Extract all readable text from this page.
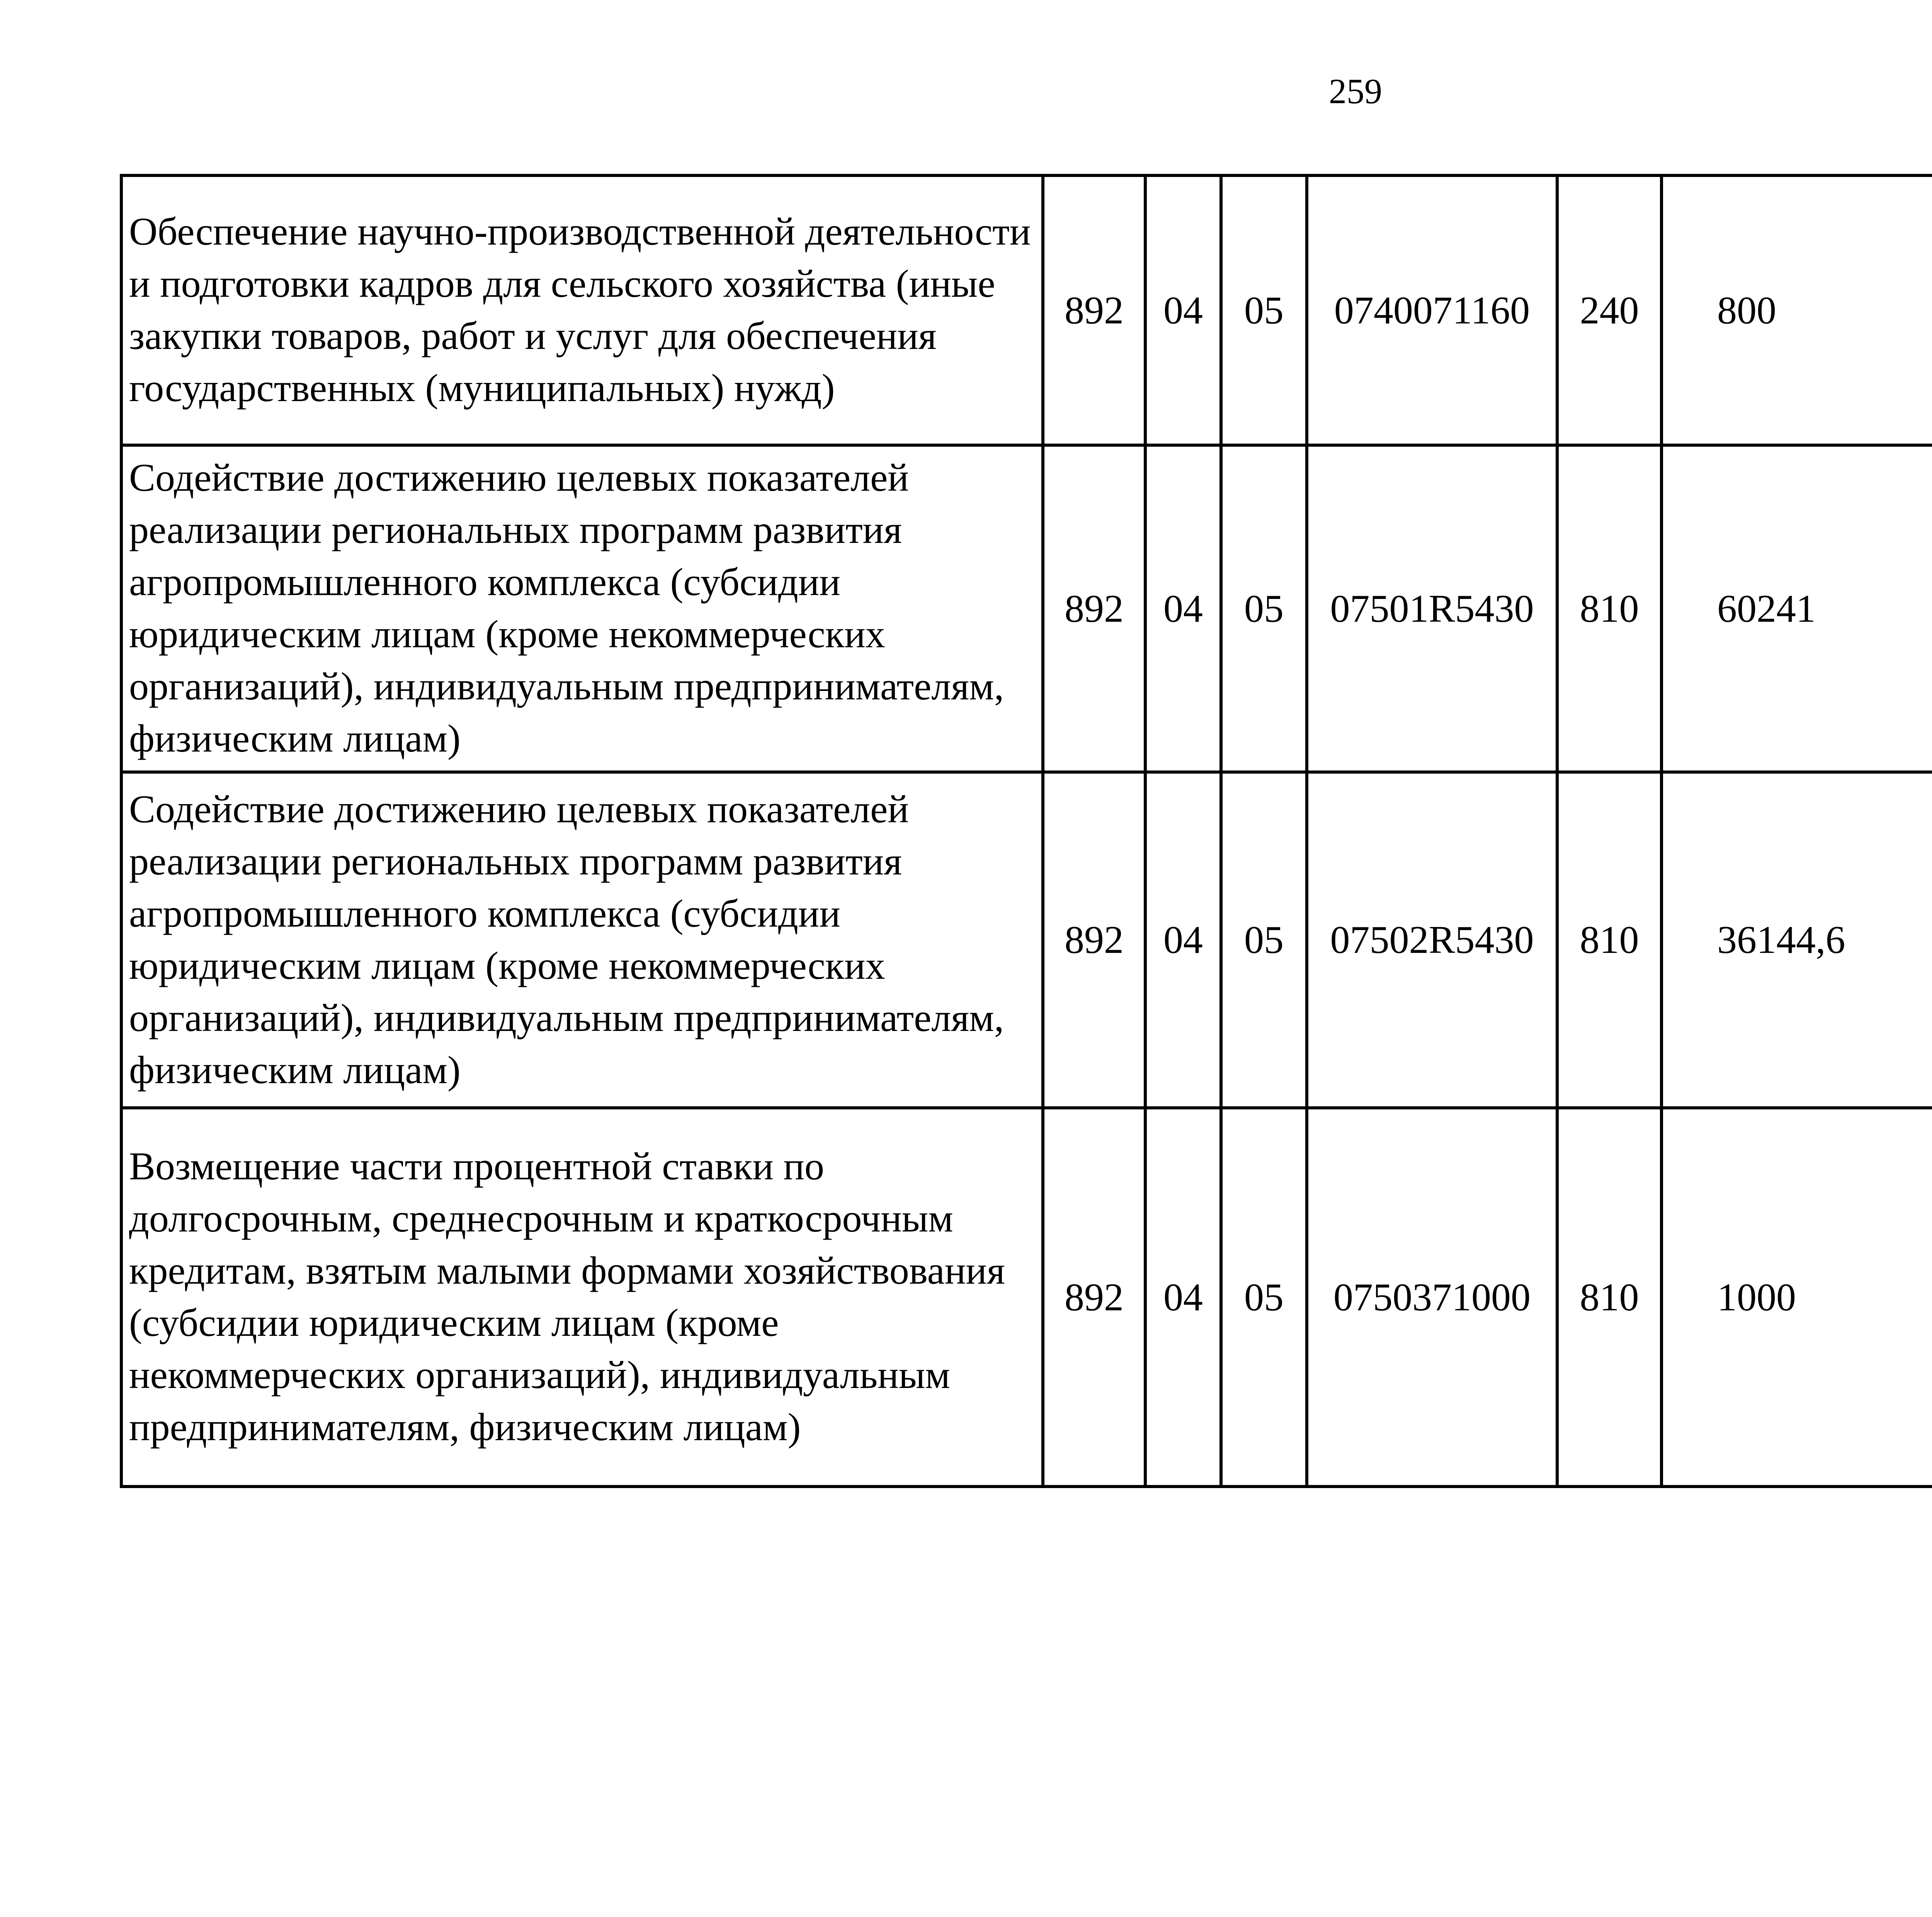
259
Обеспечение научно-производственной деятельности и подготовки кадров для сельского хозяйства (иные закупки товаров, работ и услуг для обеспечения государственных (муниципальных) нужд)	892	04	05	0740071160	240	800		
Содействие достижению целевых показателей реализации региональных программ развития агропромышленного комплекса (субсидии юридическим лицам (кроме некоммерческих организаций), индивидуальным предпринимателям, физическим лицам)	892	04	05	07501R5430	810	60241		
Содействие достижению целевых показателей реализации региональных программ развития агропромышленного комплекса (субсидии юридическим лицам (кроме некоммерческих организаций), индивидуальным предпринимателям, физическим лицам)	892	04	05	07502R5430	810	36144,6		
Возмещение части процентной ставки по долгосрочным, среднесрочным и краткосрочным кредитам, взятым малыми формами хозяйствования (субсидии юридическим лицам (кроме некоммерческих организаций), индивидуальным предпринимателям, физическим лицам)	892	04	05	0750371000	810	1000		
